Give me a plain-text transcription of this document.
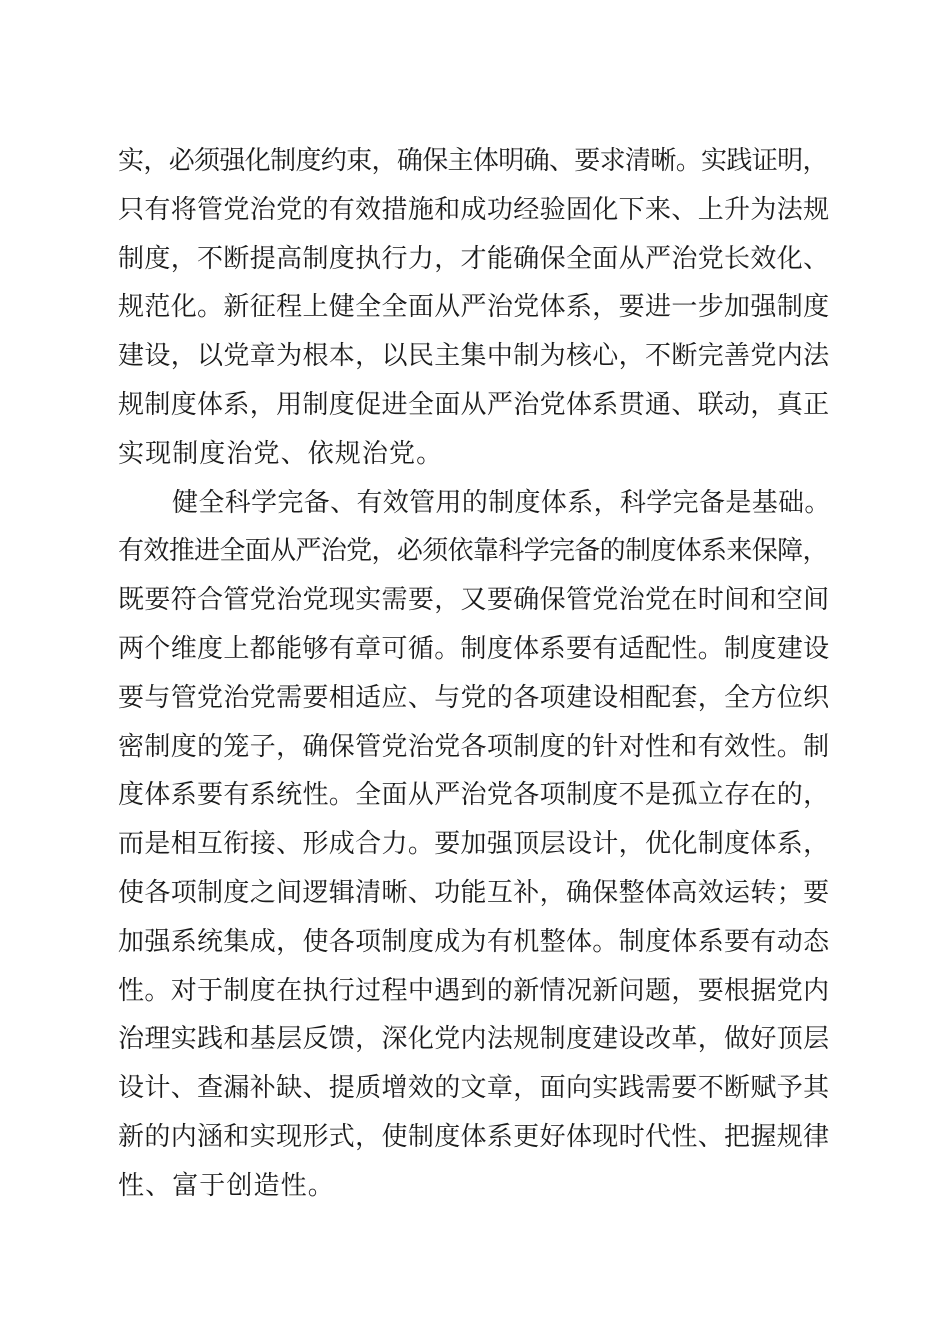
实，必须强化制度约束，确保主体明确、要求清晰。实践证明，
只有将管党治党的有效措施和成功经验固化下来、上升为法规
制度，不断提高制度执行力，才能确保全面从严治党长效化、
规范化。新征程上健全全面从严治党体系，要进一步加强制度
建设，以党章为根本，以民主集中制为核心，不断完善党内法
规制度体系，用制度促进全面从严治党体系贯通、联动，真正
实现制度治党、依规治党。
健全科学完备、有效管用的制度体系，科学完备是基础。
有效推进全面从严治党，必须依靠科学完备的制度体系来保障，
既要符合管党治党现实需要，又要确保管党治党在时间和空间
两个维度上都能够有章可循。制度体系要有适配性。制度建设
要与管党治党需要相适应、与党的各项建设相配套，全方位织
密制度的笼子，确保管党治党各项制度的针对性和有效性。制
度体系要有系统性。全面从严治党各项制度不是孤立存在的，
而是相互衔接、形成合力。要加强顶层设计，优化制度体系，
使各项制度之间逻辑清晰、功能互补，确保整体高效运转；要
加强系统集成，使各项制度成为有机整体。制度体系要有动态
性。对于制度在执行过程中遇到的新情况新问题，要根据党内
治理实践和基层反馈，深化党内法规制度建设改革，做好顶层
设计、查漏补缺、提质增效的文章，面向实践需要不断赋予其
新的内涵和实现形式，使制度体系更好体现时代性、把握规律
性、富于创造性。
